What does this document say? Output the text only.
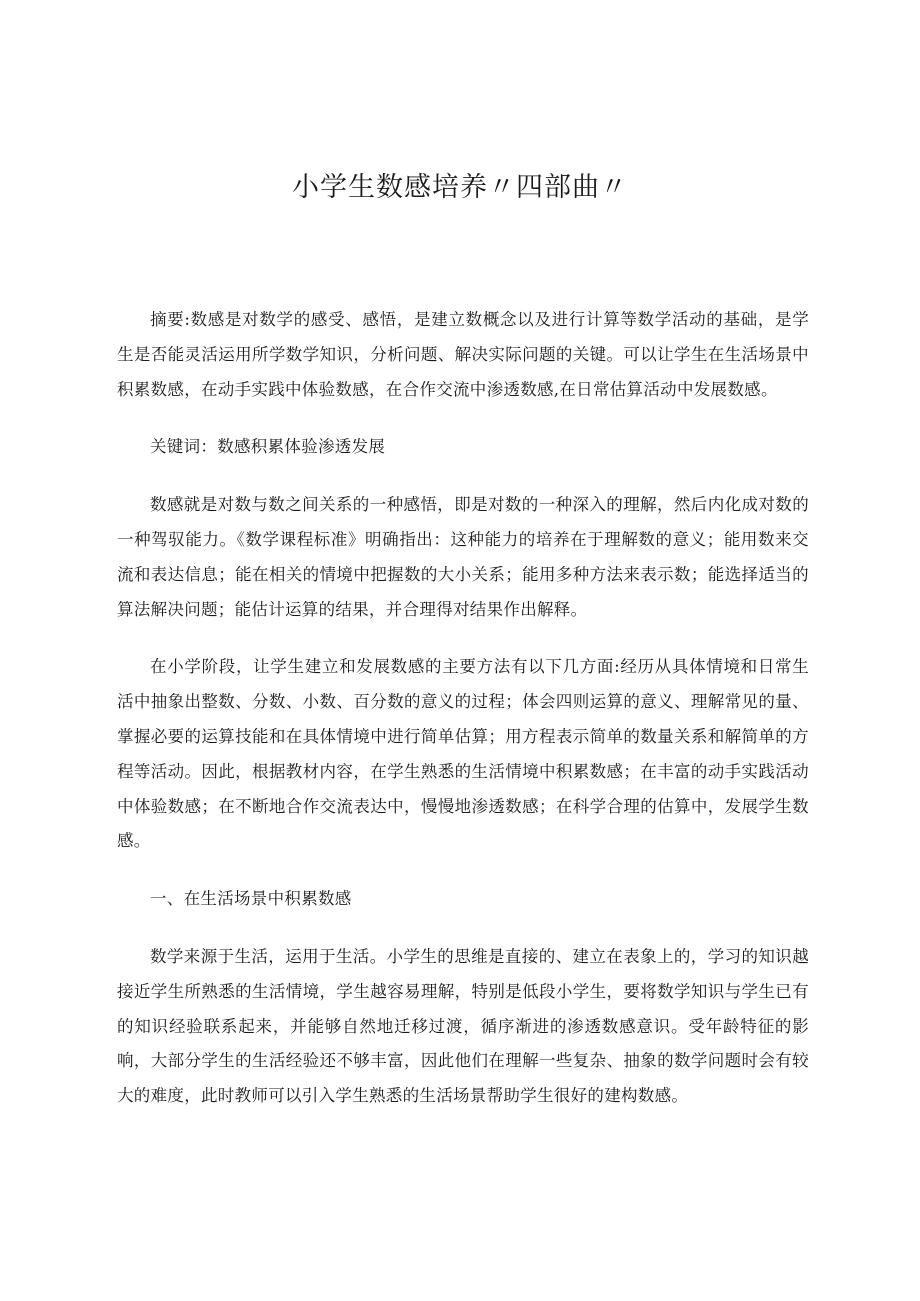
小学生数感培养〃四部曲〃

摘要:数感是对数学的感受、感悟，是建立数概念以及进行计算等数学活动的基础，是学生是否能灵活运用所学数学知识，分析问题、解决实际问题的关键。可以让学生在生活场景中积累数感，在动手实践中体验数感，在合作交流中渗透数感,在日常估算活动中发展数感。

关键词：数感积累体验渗透发展

数感就是对数与数之间关系的一种感悟，即是对数的一种深入的理解，然后内化成对数的一种驾驭能力。《数学课程标准》明确指出：这种能力的培养在于理解数的意义；能用数来交流和表达信息；能在相关的情境中把握数的大小关系；能用多种方法来表示数；能选择适当的算法解决问题；能估计运算的结果，并合理得对结果作出解释。

在小学阶段，让学生建立和发展数感的主要方法有以下几方面:经历从具体情境和日常生活中抽象出整数、分数、小数、百分数的意义的过程；体会四则运算的意义、理解常见的量、掌握必要的运算技能和在具体情境中进行简单估算；用方程表示简单的数量关系和解简单的方程等活动。因此，根据教材内容，在学生熟悉的生活情境中积累数感；在丰富的动手实践活动中体验数感；在不断地合作交流表达中，慢慢地渗透数感；在科学合理的估算中，发展学生数感。

一、在生活场景中积累数感

数学来源于生活，运用于生活。小学生的思维是直接的、建立在表象上的，学习的知识越接近学生所熟悉的生活情境，学生越容易理解，特别是低段小学生，要将数学知识与学生已有的知识经验联系起来，并能够自然地迁移过渡，循序渐进的渗透数感意识。受年龄特征的影响，大部分学生的生活经验还不够丰富，因此他们在理解一些复杂、抽象的数学问题时会有较大的难度，此时教师可以引入学生熟悉的生活场景帮助学生很好的建构数感。
